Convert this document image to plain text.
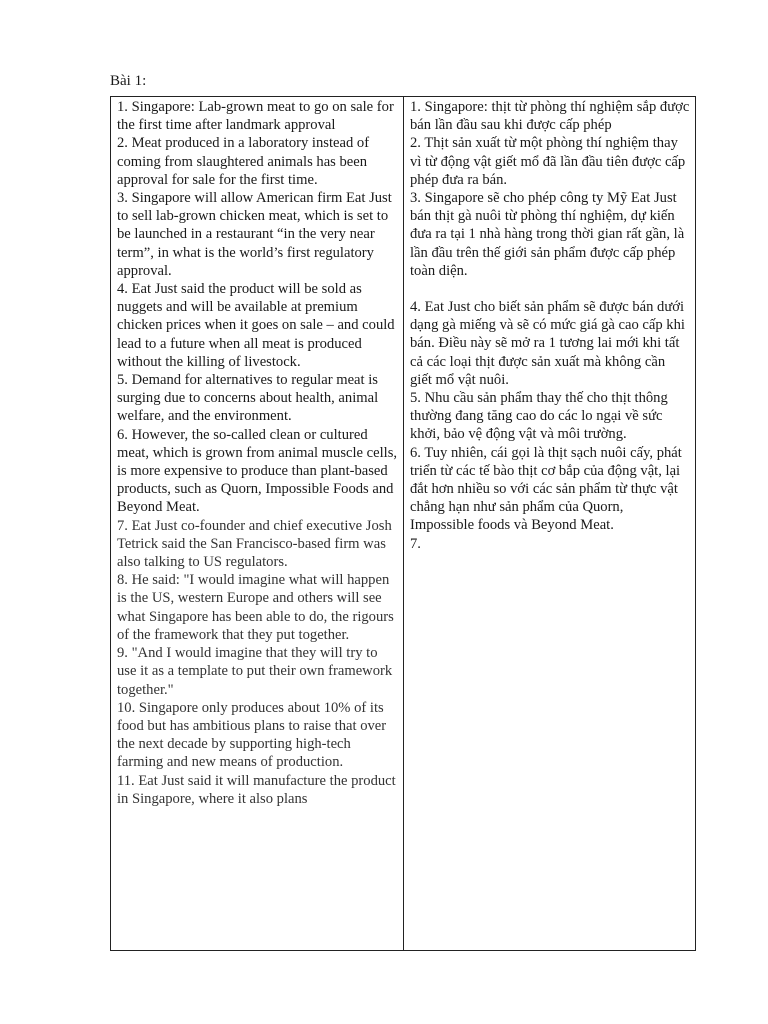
Bài 1:

1. Singapore: Lab-grown meat to go on sale for the first time after landmark approval

2. Meat produced in a laboratory instead of coming from slaughtered animals has been approval for sale for the first time.

3. Singapore will allow American firm Eat Just to sell lab-grown chicken meat, which is set to be launched in a restaurant “in the very near term”, in what is the world’s first regulatory approval.

4. Eat Just said the product will be sold as nuggets and will be available at premium chicken prices when it goes on sale – and could lead to a future when all meat is produced without the killing of livestock.

5. Demand for alternatives to regular meat is surging due to concerns about health, animal welfare, and the environment.

6. However, the so-called clean or cultured meat, which is grown from animal muscle cells, is more expensive to produce than plant-based products, such as Quorn, Impossible Foods and Beyond Meat.

7. Eat Just co-founder and chief executive Josh Tetrick said the San Francisco-based firm was also talking to US regulators.

8. He said: "I would imagine what will happen is the US, western Europe and others will see what Singapore has been able to do, the rigours of the framework that they put together.

9. "And I would imagine that they will try to use it as a template to put their own framework together."

10. Singapore only produces about 10% of its food but has ambitious plans to raise that over the next decade by supporting high-tech farming and new means of production.

11. Eat Just said it will manufacture the product in Singapore, where it also plans

1. Singapore: thịt từ phòng thí nghiệm sắp được bán lần đầu sau khi được cấp phép

2. Thịt sản xuất từ một phòng thí nghiệm thay vì từ động vật giết mổ đã lần đầu tiên được cấp phép đưa ra bán.

3. Singapore sẽ cho phép công ty Mỹ Eat Just bán thịt gà nuôi từ phòng thí nghiệm, dự kiến đưa ra tại 1 nhà hàng trong thời gian rất gần, là lần đầu trên thế giới sản phẩm được cấp phép toàn diện.

4. Eat Just cho biết sản phẩm sẽ được bán dưới dạng gà miếng và sẽ có mức giá gà cao cấp khi bán. Điều này sẽ mở ra 1 tương lai mới khi tất cả các loại thịt được sản xuất mà không cần giết mổ vật nuôi.

5. Nhu cầu sản phẩm thay thế cho thịt thông thường đang tăng cao do các lo ngại về sức khởi, bảo vệ động vật và môi trường.

6. Tuy nhiên, cái gọi là thịt sạch nuôi cấy, phát triển từ các tế bào thịt cơ bắp của động vật, lại đắt hơn nhiều so với các sản phẩm từ thực vật chẳng hạn như sản phẩm của Quorn, Impossible foods và Beyond Meat.

7.
